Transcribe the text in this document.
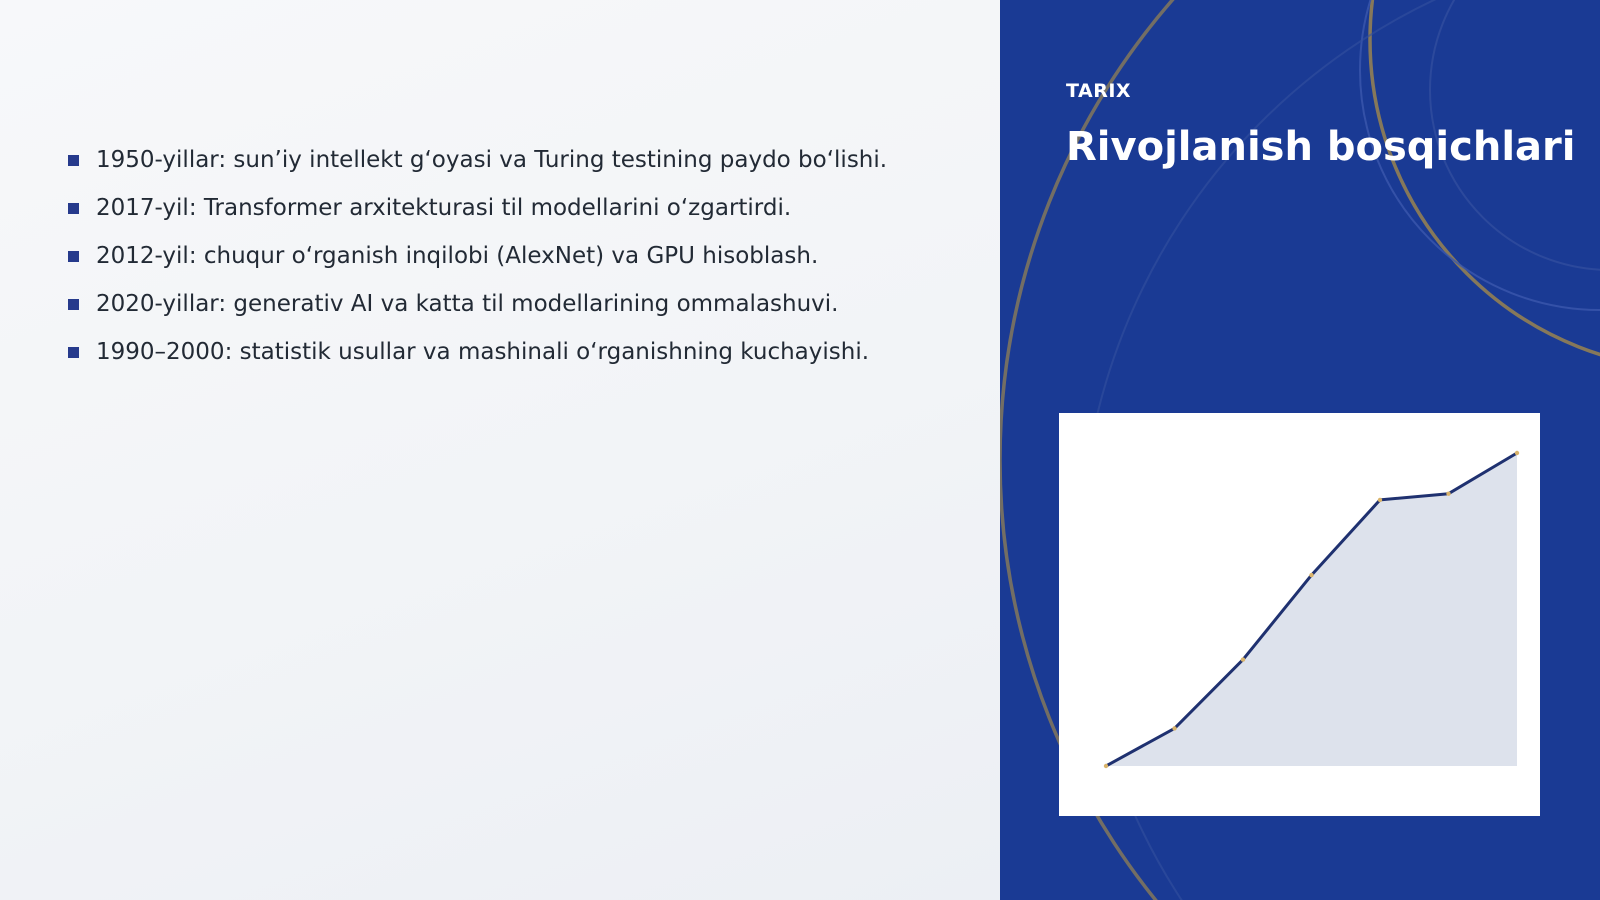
1950-yillar: sun’iy intellekt g‘oyasi va Turing testining paydo bo‘lishi.
2017-yil: Transformer arxitekturasi til modellarini o‘zgartirdi.
2012-yil: chuqur o‘rganish inqilobi (AlexNet) va GPU hisoblash.
2020-yillar: generativ AI va katta til modellarining ommalashuvi.
1990–2000: statistik usullar va mashinali o‘rganishning kuchayishi.
TARIX
Rivojlanish bosqichlari
